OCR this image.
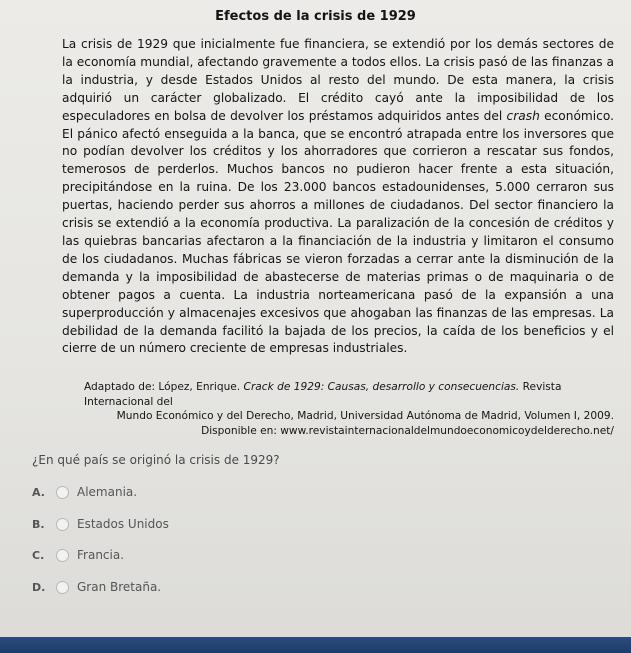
Efectos de la crisis de 1929

La crisis de 1929 que inicialmente fue financiera, se extendió por los demás sectores de la economía mundial, afectando gravemente a todos ellos. La crisis pasó de las finanzas a la industria, y desde Estados Unidos al resto del mundo. De esta manera, la crisis adquirió un carácter globalizado. El crédito cayó ante la imposibilidad de los especuladores en bolsa de devolver los préstamos adquiridos antes del crash económico. El pánico afectó enseguida a la banca, que se encontró atrapada entre los inversores que no podían devolver los créditos y los ahorradores que corrieron a rescatar sus fondos, temerosos de perderlos. Muchos bancos no pudieron hacer frente a esta situación, precipitándose en la ruina. De los 23.000 bancos estadounidenses, 5.000 cerraron sus puertas, haciendo perder sus ahorros a millones de ciudadanos. Del sector financiero la crisis se extendió a la economía productiva. La paralización de la concesión de créditos y las quiebras bancarias afectaron a la financiación de la industria y limitaron el consumo de los ciudadanos. Muchas fábricas se vieron forzadas a cerrar ante la disminución de la demanda y la imposibilidad de abastecerse de materias primas o de maquinaria o de obtener pagos a cuenta. La industria norteamericana pasó de la expansión a una superproducción y almacenajes excesivos que ahogaban las finanzas de las empresas. La debilidad de la demanda facilitó la bajada de los precios, la caída de los beneficios y el cierre de un número creciente de empresas industriales.

Adaptado de: López, Enrique. Crack de 1929: Causas, desarrollo y consecuencias. Revista Internacional del
Mundo Económico y del Derecho, Madrid, Universidad Autónoma de Madrid, Volumen I, 2009.
Disponible en: www.revistainternacionaldelmundoeconomicoydelderecho.net/

¿En qué país se originó la crisis de 1929?

A.	Alemania.
B.	Estados Unidos
C.	Francia.
D.	Gran Bretaña.
